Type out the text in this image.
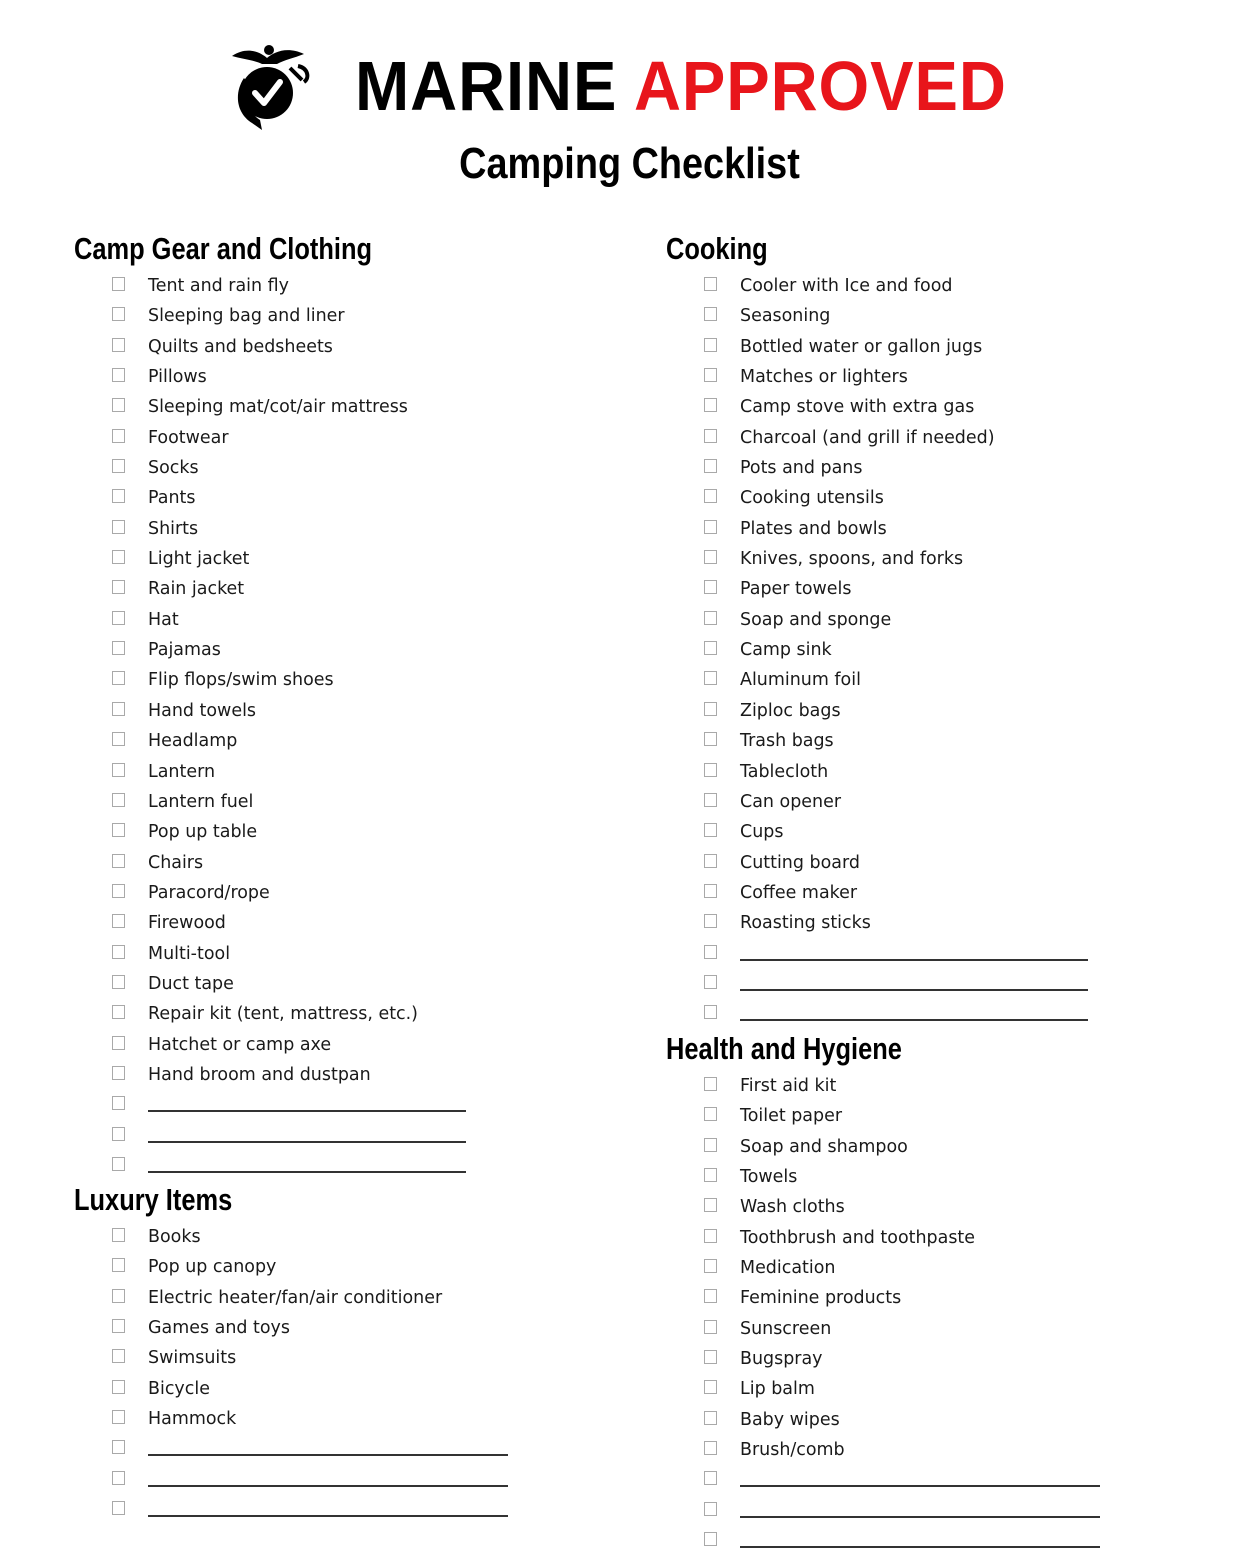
MARINE APPROVED
Camping Checklist
Camp Gear and Clothing
Tent and rain fly
Sleeping bag and liner
Quilts and bedsheets
Pillows
Sleeping mat/cot/air mattress
Footwear
Socks
Pants
Shirts
Light jacket
Rain jacket
Hat
Pajamas
Flip flops/swim shoes
Hand towels
Headlamp
Lantern
Lantern fuel
Pop up table
Chairs
Paracord/rope
Firewood
Multi-tool
Duct tape
Repair kit (tent, mattress, etc.)
Hatchet or camp axe
Hand broom and dustpan
Luxury Items
Books
Pop up canopy
Electric heater/fan/air conditioner
Games and toys
Swimsuits
Bicycle
Hammock
Cooking
Cooler with Ice and food
Seasoning
Bottled water or gallon jugs
Matches or lighters
Camp stove with extra gas
Charcoal (and grill if needed)
Pots and pans
Cooking utensils
Plates and bowls
Knives, spoons, and forks
Paper towels
Soap and sponge
Camp sink
Aluminum foil
Ziploc bags
Trash bags
Tablecloth
Can opener
Cups
Cutting board
Coffee maker
Roasting sticks
Health and Hygiene
First aid kit
Toilet paper
Soap and shampoo
Towels
Wash cloths
Toothbrush and toothpaste
Medication
Feminine products
Sunscreen
Bugspray
Lip balm
Baby wipes
Brush/comb
